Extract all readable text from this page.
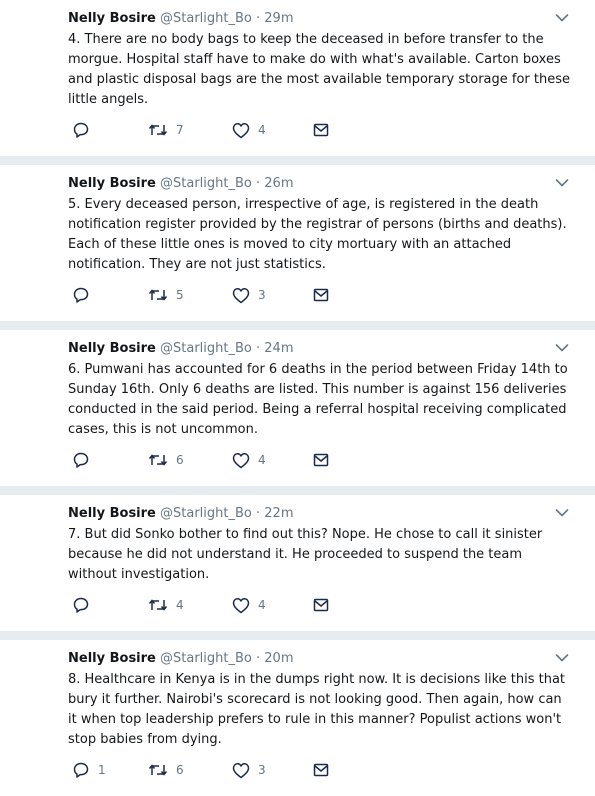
Nelly Bosire @Starlight_Bo · 29m
4. There are no body bags to keep the deceased in before transfer to the morgue. Hospital staff have to make do with what's available. Carton boxes and plastic disposal bags are the most available temporary storage for these little angels.
7	4
Nelly Bosire @Starlight_Bo · 26m
5. Every deceased person, irrespective of age, is registered in the death notification register provided by the registrar of persons (births and deaths). Each of these little ones is moved to city mortuary with an attached notification. They are not just statistics.
5	3
Nelly Bosire @Starlight_Bo · 24m
6. Pumwani has accounted for 6 deaths in the period between Friday 14th to Sunday 16th. Only 6 deaths are listed. This number is against 156 deliveries conducted in the said period. Being a referral hospital receiving complicated cases, this is not uncommon.
6	4
Nelly Bosire @Starlight_Bo · 22m
7. But did Sonko bother to find out this? Nope. He chose to call it sinister because he did not understand it. He proceeded to suspend the team without investigation.
4	4
Nelly Bosire @Starlight_Bo · 20m
8. Healthcare in Kenya is in the dumps right now. It is decisions like this that bury it further. Nairobi's scorecard is not looking good. Then again, how can it when top leadership prefers to rule in this manner? Populist actions won't stop babies from dying.
1	6	3
